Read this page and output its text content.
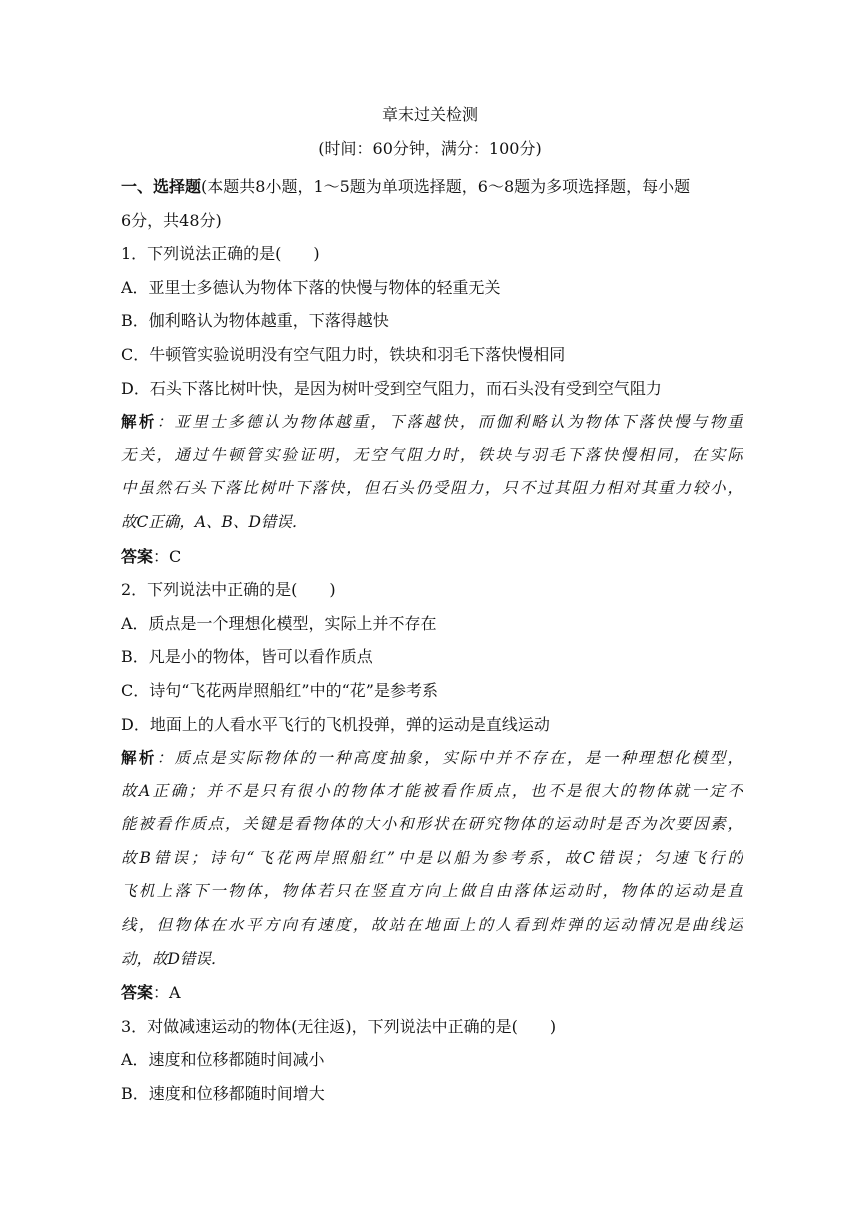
章末过关检测
(时间：60分钟，满分：100分)
一、选择题(本题共8小题，1～5题为单项选择题，6～8题为多项选择题，每小题
6分，共48分)
1．下列说法正确的是(　　)
A．亚里士多德认为物体下落的快慢与物体的轻重无关
B．伽利略认为物体越重，下落得越快
C．牛顿管实验说明没有空气阻力时，铁块和羽毛下落快慢相同
D．石头下落比树叶快，是因为树叶受到空气阻力，而石头没有受到空气阻力
解析：亚里士多德认为物体越重，下落越快，而伽利略认为物体下落快慢与物重
无关，通过牛顿管实验证明，无空气阻力时，铁块与羽毛下落快慢相同，在实际
中虽然石头下落比树叶下落快，但石头仍受阻力，只不过其阻力相对其重力较小，
故C正确，A、B、D错误．
答案：C
2．下列说法中正确的是(　　)
A．质点是一个理想化模型，实际上并不存在
B．凡是小的物体，皆可以看作质点
C．诗句“飞花两岸照船红”中的“花”是参考系
D．地面上的人看水平飞行的飞机投弹，弹的运动是直线运动
解析：质点是实际物体的一种高度抽象，实际中并不存在，是一种理想化模型，
故A正确；并不是只有很小的物体才能被看作质点，也不是很大的物体就一定不
能被看作质点，关键是看物体的大小和形状在研究物体的运动时是否为次要因素，
故B错误；诗句“飞花两岸照船红”中是以船为参考系，故C错误；匀速飞行的
飞机上落下一物体，物体若只在竖直方向上做自由落体运动时，物体的运动是直
线，但物体在水平方向有速度，故站在地面上的人看到炸弹的运动情况是曲线运
动，故D错误．
答案：A
3．对做减速运动的物体(无往返)，下列说法中正确的是(　　)
A．速度和位移都随时间减小
B．速度和位移都随时间增大
